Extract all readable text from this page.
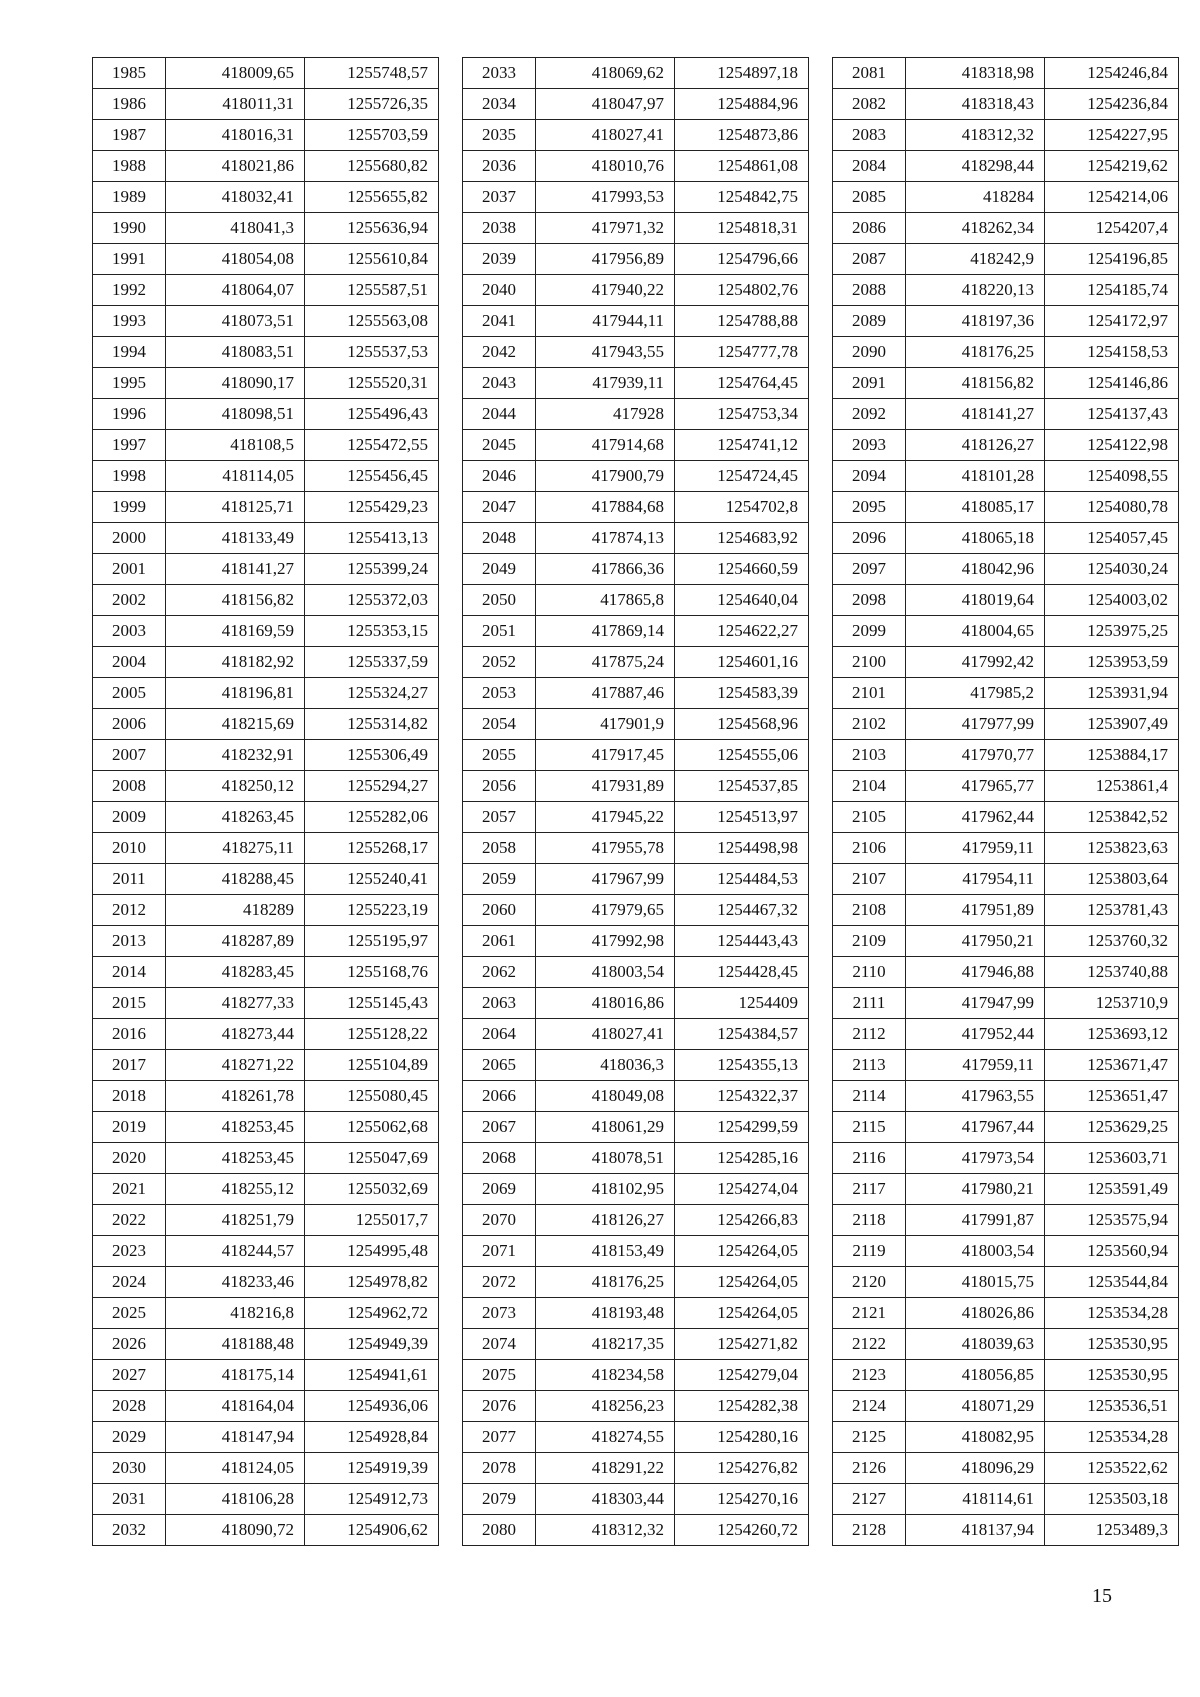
1985	418009,65	1255748,57
1986	418011,31	1255726,35
1987	418016,31	1255703,59
1988	418021,86	1255680,82
1989	418032,41	1255655,82
1990	418041,3	1255636,94
1991	418054,08	1255610,84
1992	418064,07	1255587,51
1993	418073,51	1255563,08
1994	418083,51	1255537,53
1995	418090,17	1255520,31
1996	418098,51	1255496,43
1997	418108,5	1255472,55
1998	418114,05	1255456,45
1999	418125,71	1255429,23
2000	418133,49	1255413,13
2001	418141,27	1255399,24
2002	418156,82	1255372,03
2003	418169,59	1255353,15
2004	418182,92	1255337,59
2005	418196,81	1255324,27
2006	418215,69	1255314,82
2007	418232,91	1255306,49
2008	418250,12	1255294,27
2009	418263,45	1255282,06
2010	418275,11	1255268,17
2011	418288,45	1255240,41
2012	418289	1255223,19
2013	418287,89	1255195,97
2014	418283,45	1255168,76
2015	418277,33	1255145,43
2016	418273,44	1255128,22
2017	418271,22	1255104,89
2018	418261,78	1255080,45
2019	418253,45	1255062,68
2020	418253,45	1255047,69
2021	418255,12	1255032,69
2022	418251,79	1255017,7
2023	418244,57	1254995,48
2024	418233,46	1254978,82
2025	418216,8	1254962,72
2026	418188,48	1254949,39
2027	418175,14	1254941,61
2028	418164,04	1254936,06
2029	418147,94	1254928,84
2030	418124,05	1254919,39
2031	418106,28	1254912,73
2032	418090,72	1254906,62
2033	418069,62	1254897,18
2034	418047,97	1254884,96
2035	418027,41	1254873,86
2036	418010,76	1254861,08
2037	417993,53	1254842,75
2038	417971,32	1254818,31
2039	417956,89	1254796,66
2040	417940,22	1254802,76
2041	417944,11	1254788,88
2042	417943,55	1254777,78
2043	417939,11	1254764,45
2044	417928	1254753,34
2045	417914,68	1254741,12
2046	417900,79	1254724,45
2047	417884,68	1254702,8
2048	417874,13	1254683,92
2049	417866,36	1254660,59
2050	417865,8	1254640,04
2051	417869,14	1254622,27
2052	417875,24	1254601,16
2053	417887,46	1254583,39
2054	417901,9	1254568,96
2055	417917,45	1254555,06
2056	417931,89	1254537,85
2057	417945,22	1254513,97
2058	417955,78	1254498,98
2059	417967,99	1254484,53
2060	417979,65	1254467,32
2061	417992,98	1254443,43
2062	418003,54	1254428,45
2063	418016,86	1254409
2064	418027,41	1254384,57
2065	418036,3	1254355,13
2066	418049,08	1254322,37
2067	418061,29	1254299,59
2068	418078,51	1254285,16
2069	418102,95	1254274,04
2070	418126,27	1254266,83
2071	418153,49	1254264,05
2072	418176,25	1254264,05
2073	418193,48	1254264,05
2074	418217,35	1254271,82
2075	418234,58	1254279,04
2076	418256,23	1254282,38
2077	418274,55	1254280,16
2078	418291,22	1254276,82
2079	418303,44	1254270,16
2080	418312,32	1254260,72
2081	418318,98	1254246,84
2082	418318,43	1254236,84
2083	418312,32	1254227,95
2084	418298,44	1254219,62
2085	418284	1254214,06
2086	418262,34	1254207,4
2087	418242,9	1254196,85
2088	418220,13	1254185,74
2089	418197,36	1254172,97
2090	418176,25	1254158,53
2091	418156,82	1254146,86
2092	418141,27	1254137,43
2093	418126,27	1254122,98
2094	418101,28	1254098,55
2095	418085,17	1254080,78
2096	418065,18	1254057,45
2097	418042,96	1254030,24
2098	418019,64	1254003,02
2099	418004,65	1253975,25
2100	417992,42	1253953,59
2101	417985,2	1253931,94
2102	417977,99	1253907,49
2103	417970,77	1253884,17
2104	417965,77	1253861,4
2105	417962,44	1253842,52
2106	417959,11	1253823,63
2107	417954,11	1253803,64
2108	417951,89	1253781,43
2109	417950,21	1253760,32
2110	417946,88	1253740,88
2111	417947,99	1253710,9
2112	417952,44	1253693,12
2113	417959,11	1253671,47
2114	417963,55	1253651,47
2115	417967,44	1253629,25
2116	417973,54	1253603,71
2117	417980,21	1253591,49
2118	417991,87	1253575,94
2119	418003,54	1253560,94
2120	418015,75	1253544,84
2121	418026,86	1253534,28
2122	418039,63	1253530,95
2123	418056,85	1253530,95
2124	418071,29	1253536,51
2125	418082,95	1253534,28
2126	418096,29	1253522,62
2127	418114,61	1253503,18
2128	418137,94	1253489,3
15
